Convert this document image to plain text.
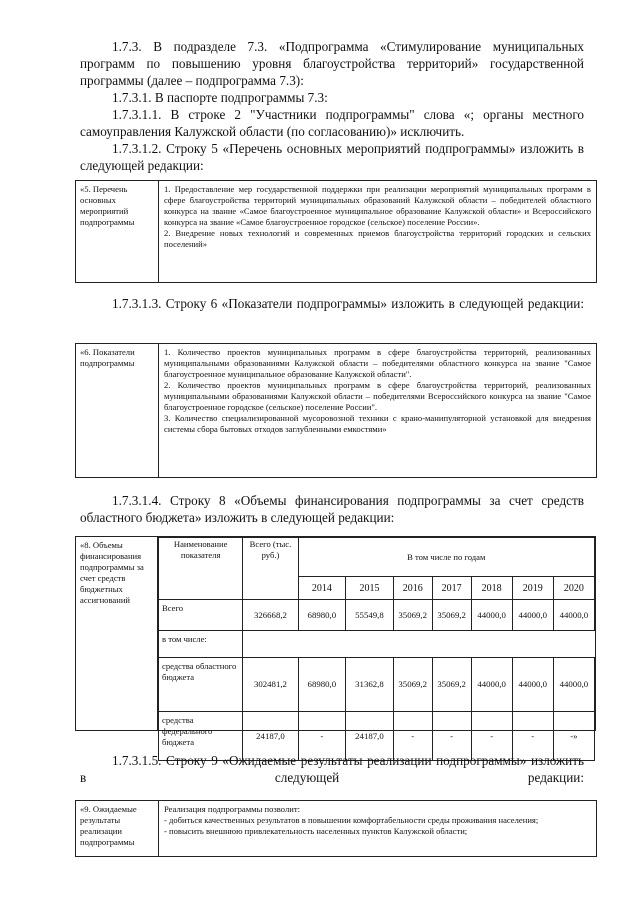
1.7.3. В подразделе 7.3. «Подпрограмма «Стимулирование муниципальных программ по повышению уровня благоустройства территорий» государственной программы (далее – подпрограмма 7.3):

1.7.3.1. В паспорте подпрограммы 7.3:

1.7.3.1.1. В строке 2 "Участники подпрограммы" слова «; органы местного самоуправления Калужской области (по согласованию)» исключить.

1.7.3.1.2. Строку 5 «Перечень основных мероприятий подпрограммы» изложить в следующей редакции:

«5. Перечень основных мероприятий подпрограммы

1. Предоставление мер государственной поддержки при реализации мероприятий муниципальных программ в сфере благоустройства территорий муниципальных образований Калужской области – победителей областного конкурса на звание «Самое благоустроенное муниципальное образование Калужской области» и Всероссийского конкурса на звание «Самое благоустроенное городское (сельское) поселение России».

2. Внедрение новых технологий и современных приемов благоустройства территорий городских и сельских поселений»

1.7.3.1.3. Строку 6 «Показатели подпрограммы» изложить в следующей редакции:

«6. Показатели подпрограммы

1. Количество проектов муниципальных программ в сфере благоустройства территорий, реализованных муниципальными образованиями Калужской области – победителями областного конкурса на звание "Самое благоустроенное муниципальное образование Калужской области".

2. Количество проектов муниципальных программ в сфере благоустройства территорий, реализованных муниципальными образованиями Калужской области – победителями Всероссийского конкурса на звание "Самое благоустроенное городское (сельское) поселение России".

3. Количество специализированной мусоровозной техники с крано-манипуляторной установкой для внедрения системы сбора бытовых отходов заглубленными емкостями»

1.7.3.1.4. Строку 8 «Объемы финансирования подпрограммы за счет средств областного бюджета» изложить в следующей редакции:

«8. Объемы финансирования подпрограммы за счет средств бюджетных ассигнований
Наименование показателя	Всего (тыс. руб.)	В том числе по годам						
		2014	2015	2016	2017	2018	2019	2020
Всего	326668,2	68980,0	55549,8	35069,2	35069,2	44000,0	44000,0	44000,0
в том числе:								
средства областного бюджета	302481,2	68980,0	31362,8	35069,2	35069,2	44000,0	44000,0	44000,0
средства федерального бюджета	24187,0	-	24187,0	-	-	-	-	-»

1.7.3.1.5. Строку 9 «Ожидаемые результаты реализации подпрограммы» изложить в следующей редакции:

«9. Ожидаемые результаты реализации подпрограммы

Реализация подпрограммы позволит:

- добиться качественных результатов в повышении комфортабельности среды проживания населения;

- повысить внешнюю привлекательность населенных пунктов Калужской области;
